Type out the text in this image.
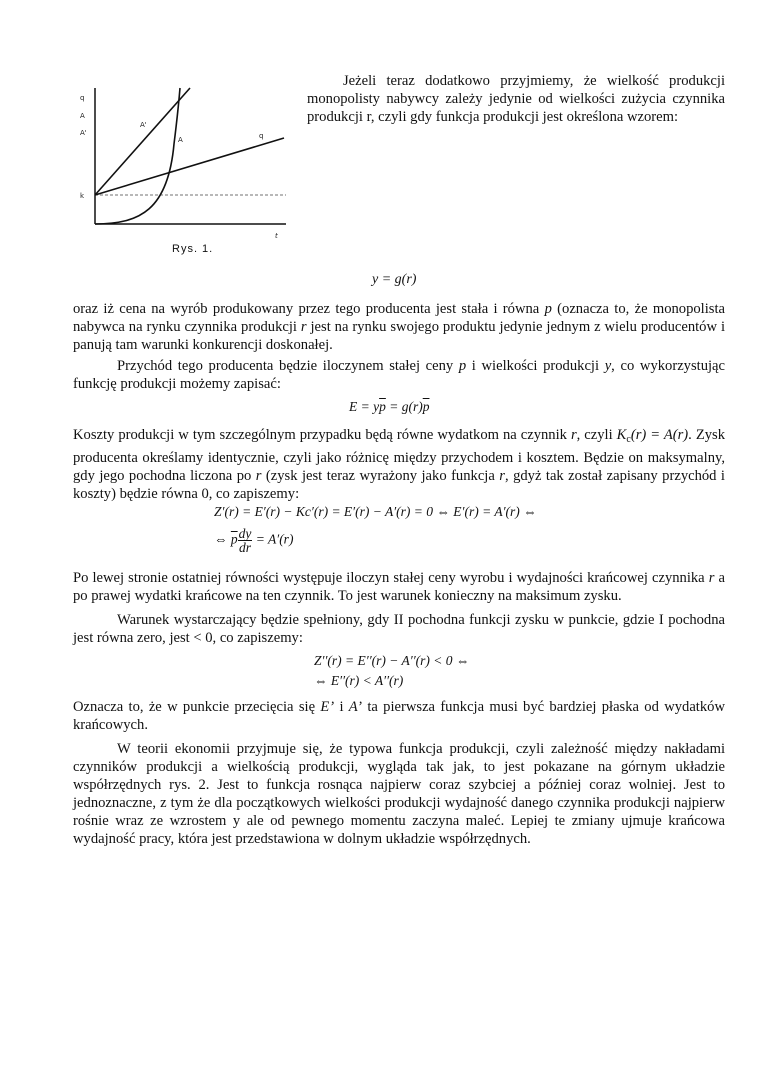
q
A
A'
k
t
A'
A	q
Rys. 1.
Jeżeli teraz dodatkowo przyjmiemy, że wielkość produkcji monopolisty nabywcy zależy jedynie od wielkości zużycia czynnika produkcji r, czyli gdy funkcja produkcji jest określona wzorem:
y = g(r)
oraz iż cena na wyrób produkowany przez tego producenta jest stała i równa p (oznacza to, że monopolista nabywca na rynku czynnika produkcji r jest na rynku swojego produktu jedynie jednym z wielu producentów i panują tam warunki konkurencji doskonałej.
Przychód tego producenta będzie iloczynem stałej ceny p i wielkości produkcji y, co wykorzystując funkcję produkcji możemy zapisać:
$E = y\overline{p} = g(r)\overline{p}$
Koszty produkcji w tym szczególnym przypadku będą równe wydatkom na czynnik r, czyli $K_c(r) = A(r)$. Zysk producenta określamy identycznie, czyli jako różnicę między przychodem i kosztem. Będzie on maksymalny, gdy jego pochodna liczona po r (zysk jest teraz wyrażony jako funkcja r, gdyż tak został zapisany przychód i koszty) będzie równa 0, co zapiszemy:
Z′(r) = E′(r) − Kc′(r) = E′(r) − A′(r) = 0 ⇔ E′(r) = A′(r) ⇔
⇔ $\overline{p} \frac{dy}{dr} = A'(r)$
Po lewej stronie ostatniej równości występuje iloczyn stałej ceny wyrobu i wydajności krańcowej czynnika r a po prawej wydatki krańcowe na ten czynnik. To jest warunek konieczny na maksimum zysku.
Warunek wystarczający będzie spełniony, gdy II pochodna funkcji zysku w punkcie, gdzie I pochodna jest równa zero, jest < 0, co zapiszemy:
Z′′(r) = E′′(r) − A′′(r) < 0 ⇔
⇔ E′′(r) < A′′(r)
Oznacza to, że w punkcie przecięcia się E’ i A’ ta pierwsza funkcja musi być bardziej płaska od wydatków krańcowych.
W teorii ekonomii przyjmuje się, że typowa funkcja produkcji, czyli zależność między nakładami czynników produkcji a wielkością produkcji, wygląda tak jak, to jest pokazane na górnym układzie współrzędnych rys. 2. Jest to funkcja rosnąca najpierw coraz szybciej a później coraz wolniej. Jest to jednoznaczne, z tym że dla początkowych wielkości produkcji wydajność danego czynnika produkcji najpierw rośnie wraz ze wzrostem y ale od pewnego momentu zaczyna maleć. Lepiej te zmiany ujmuje krańcowa wydajność pracy, która jest przedstawiona w dolnym układzie współrzędnych.
